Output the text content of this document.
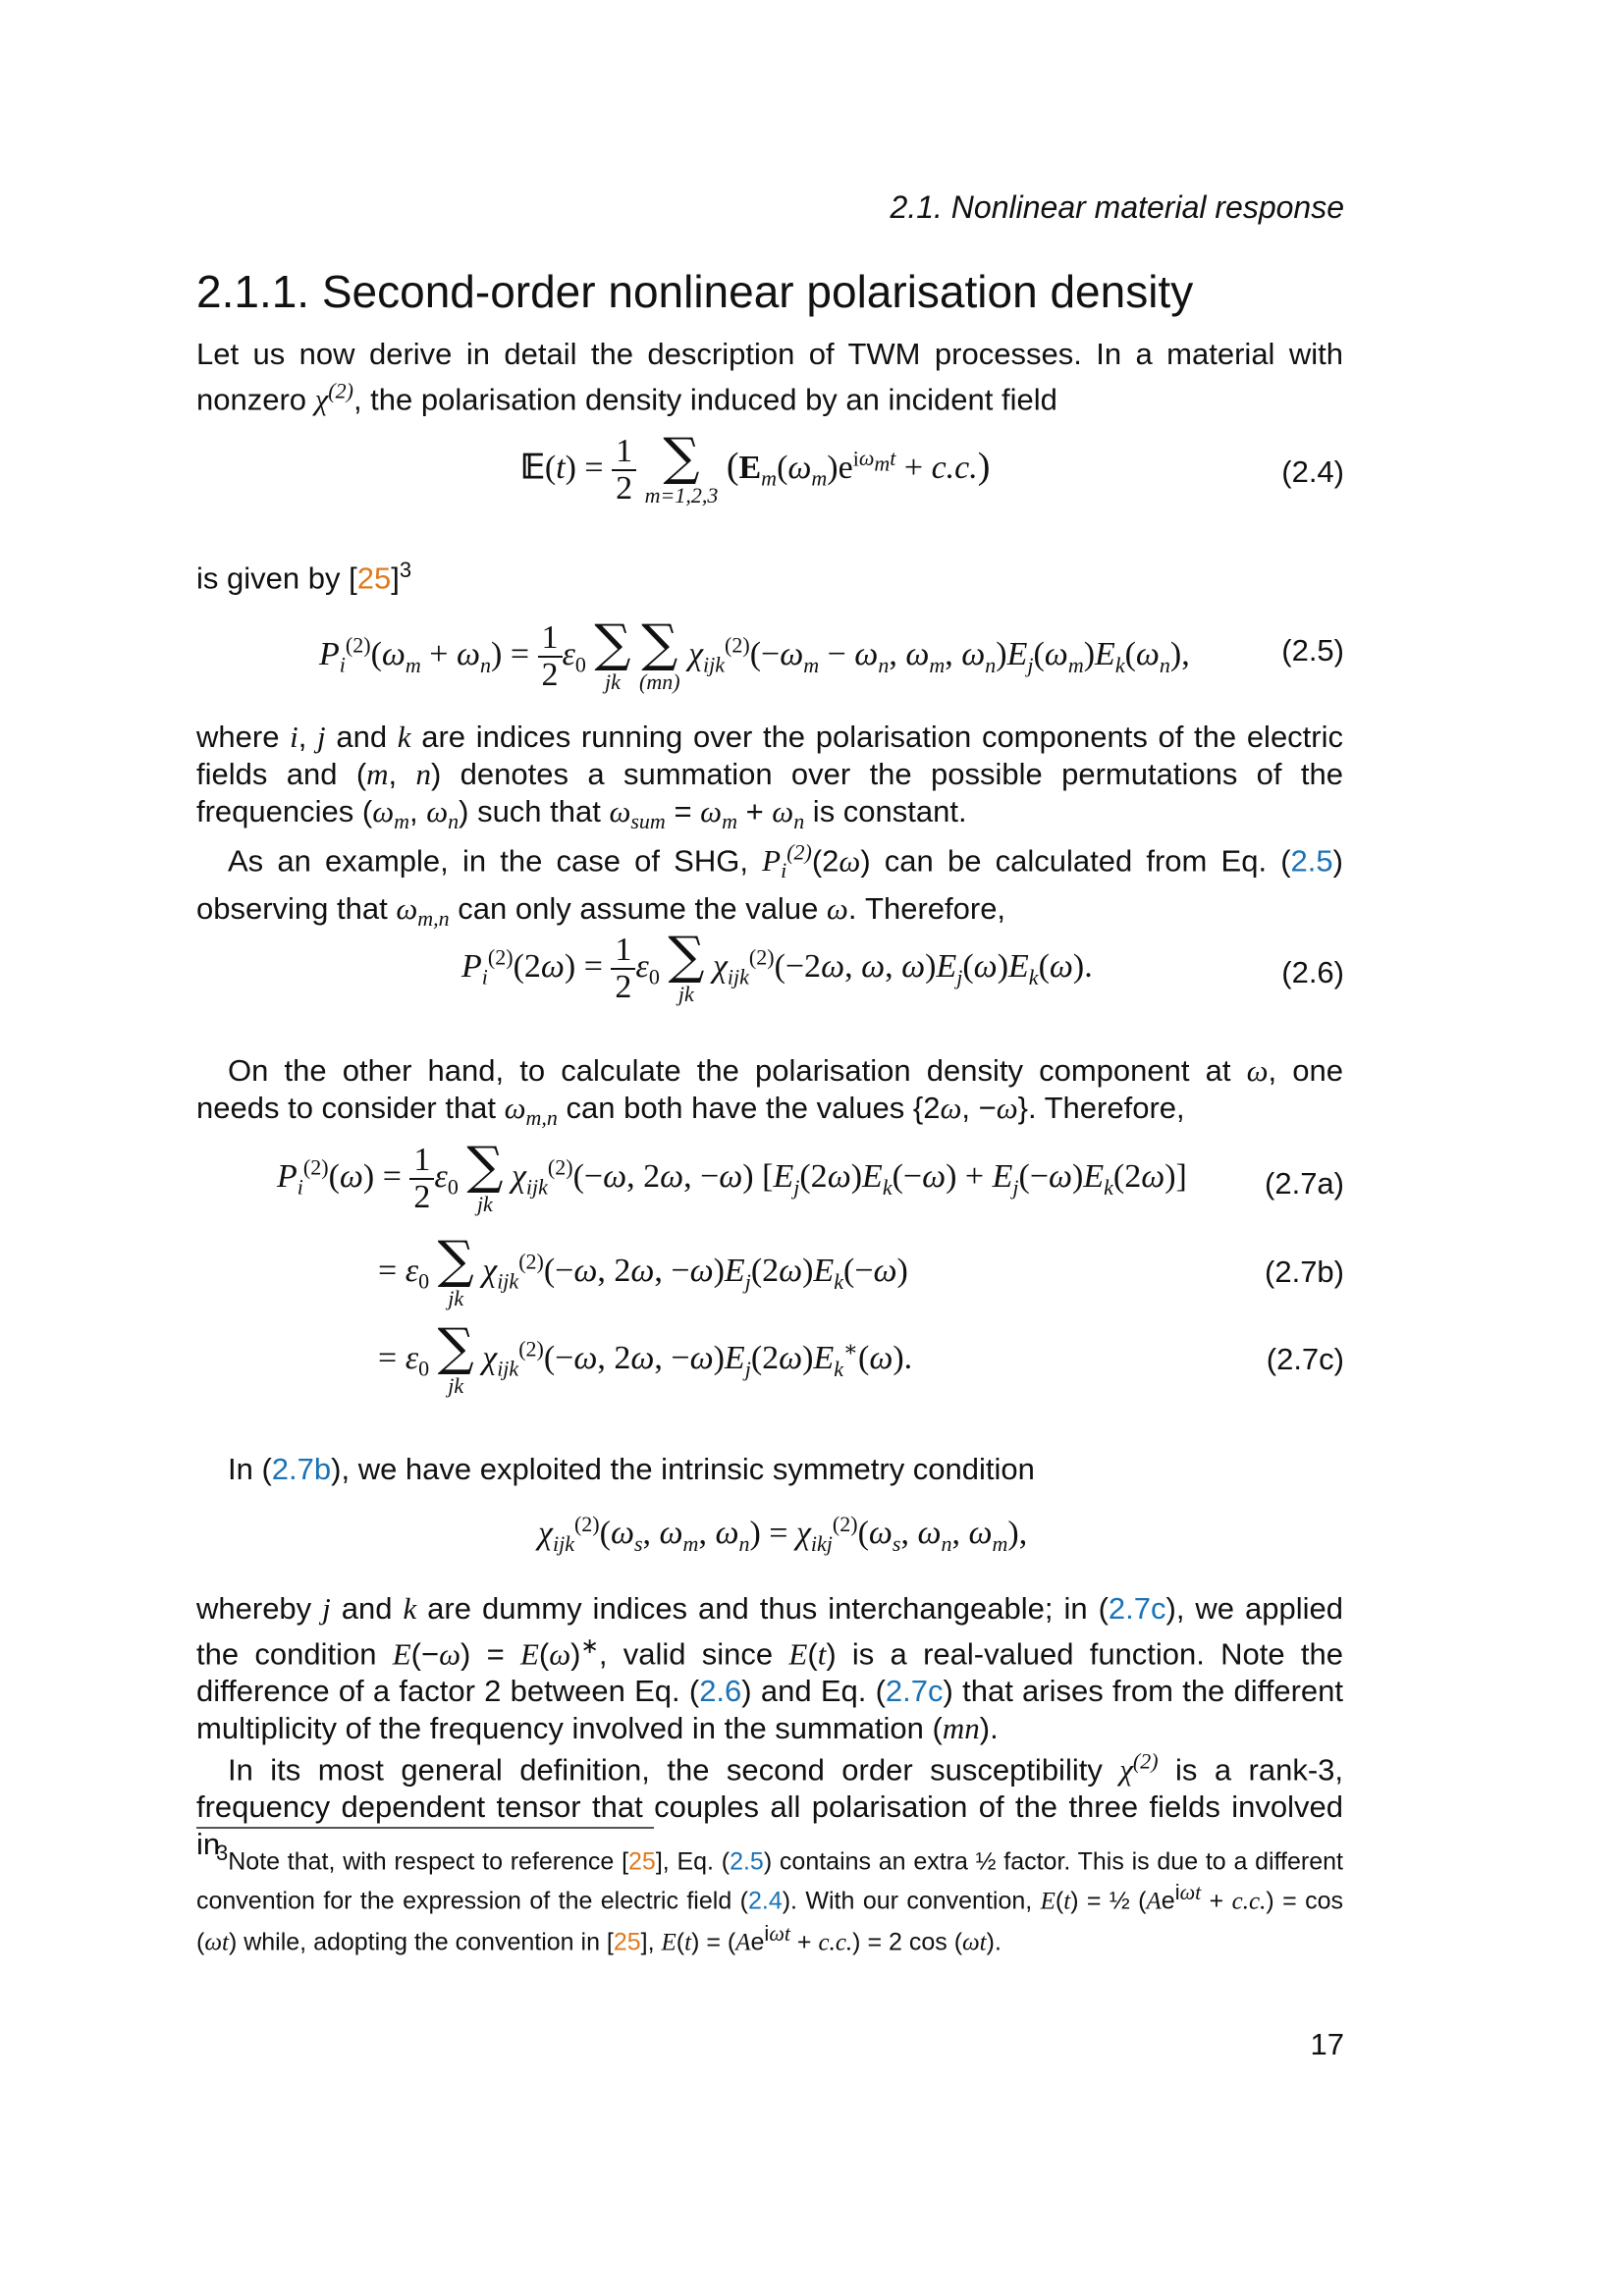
2.1. Nonlinear material response
2.1.1. Second-order nonlinear polarisation density
Let us now derive in detail the description of TWM processes. In a material with nonzero $\chi^{(2)}$, the polarisation density induced by an incident field
𝔼(t) = $\frac{1}{2}$
∑
m=1,2,3
$(E_m(\omega_m)e^{i\omega_mt} + c.c.)$	(2.4)
is given by $[25]^3$
$P_i^{(2)}(\omega_m + \omega_n) = \frac{1}{2} \varepsilon_0$ ∑
jk

∑
(mn)
$\chi_{ijk}^{(2)}(-\omega_m - \omega_n$, $\omega_m$, $\omega_n)E_j(\omega_m)E_k(\omega_n)$,	(2.5)
where i, j and k are indices running over the polarisation components of the electric fields and (m, n) denotes a summation over the possible permutations of the frequencies ($\omega_m$, $\omega_n$) such that $\omega_{sum} = \omega_m + \omega_n$ is constant.
As an example, in the case of SHG, $P_i^{(2)}(2\omega)$ can be calculated from Eq. (2.5) observing that $\omega_{m,n}$ can only assume the value ω. Therefore,
$P_i^{(2)}(2\omega) = \frac{1}{2} \varepsilon_0$ ∑
jk
$\chi_{ijk}^{(2)}(-2\omega$, ω, $\omega)E_j(\omega)E_k(\omega)$.	(2.6)
On the other hand, to calculate the polarisation density component at ω, one needs to consider that $\omega_{m,n}$ can both have the values {2ω, −ω}. Therefore,
$P_i^{(2)}(\omega) = \frac{1}{2} \varepsilon_0$ ∑
jk
$\chi_{ijk}^{(2)}(-\omega$, 2ω, −ω) $[E_j(2\omega)E_k(-\omega) + E_j(-\omega)E_k(2\omega)]$	(2.7a)
= $\varepsilon_0$ ∑
jk
$\chi_{ijk}^{(2)}(-\omega$, 2ω, $-\omega)E_j(2\omega)E_k(-\omega)$	(2.7b)
= $\varepsilon_0$ ∑
jk
$\chi_{ijk}^{(2)}(-\omega$, 2ω, $-\omega)E_j(2\omega)E_k^∗(\omega)$.	(2.7c)
In (2.7b), we have exploited the intrinsic symmetry condition
$\chi_{ijk}^{(2)}(\omega_s$, $\omega_m$, $\omega_n) = \chi_{ikj}^{(2)}(\omega_s$, $\omega_n$, $\omega_m$),
whereby j and k are dummy indices and thus interchangeable; in (2.7c), we applied the condition E(−ω) = E(ω)∗, valid since E(t) is a real-valued function. Note the difference of a factor 2 between Eq. (2.6) and Eq. (2.7c) that arises from the different multiplicity of the frequency involved in the summation (mn).
In its most general definition, the second order susceptibility $\chi^{(2)}$ is a rank-3, frequency dependent tensor that couples all polarisation of the three fields involved in
$^3$Note that, with respect to reference [25], Eq. (2.5) contains an extra ½ factor. This is due to a different convention for the expression of the electric field (2.4). With our convention, E(t) = ½ $(Ae^{i\omega t} + c.c.) = \cos (\omega t)$ while, adopting the convention in [25], $E(t) = (Ae^{i\omega t} + c.c.) = 2$ cos (ωt).
17
